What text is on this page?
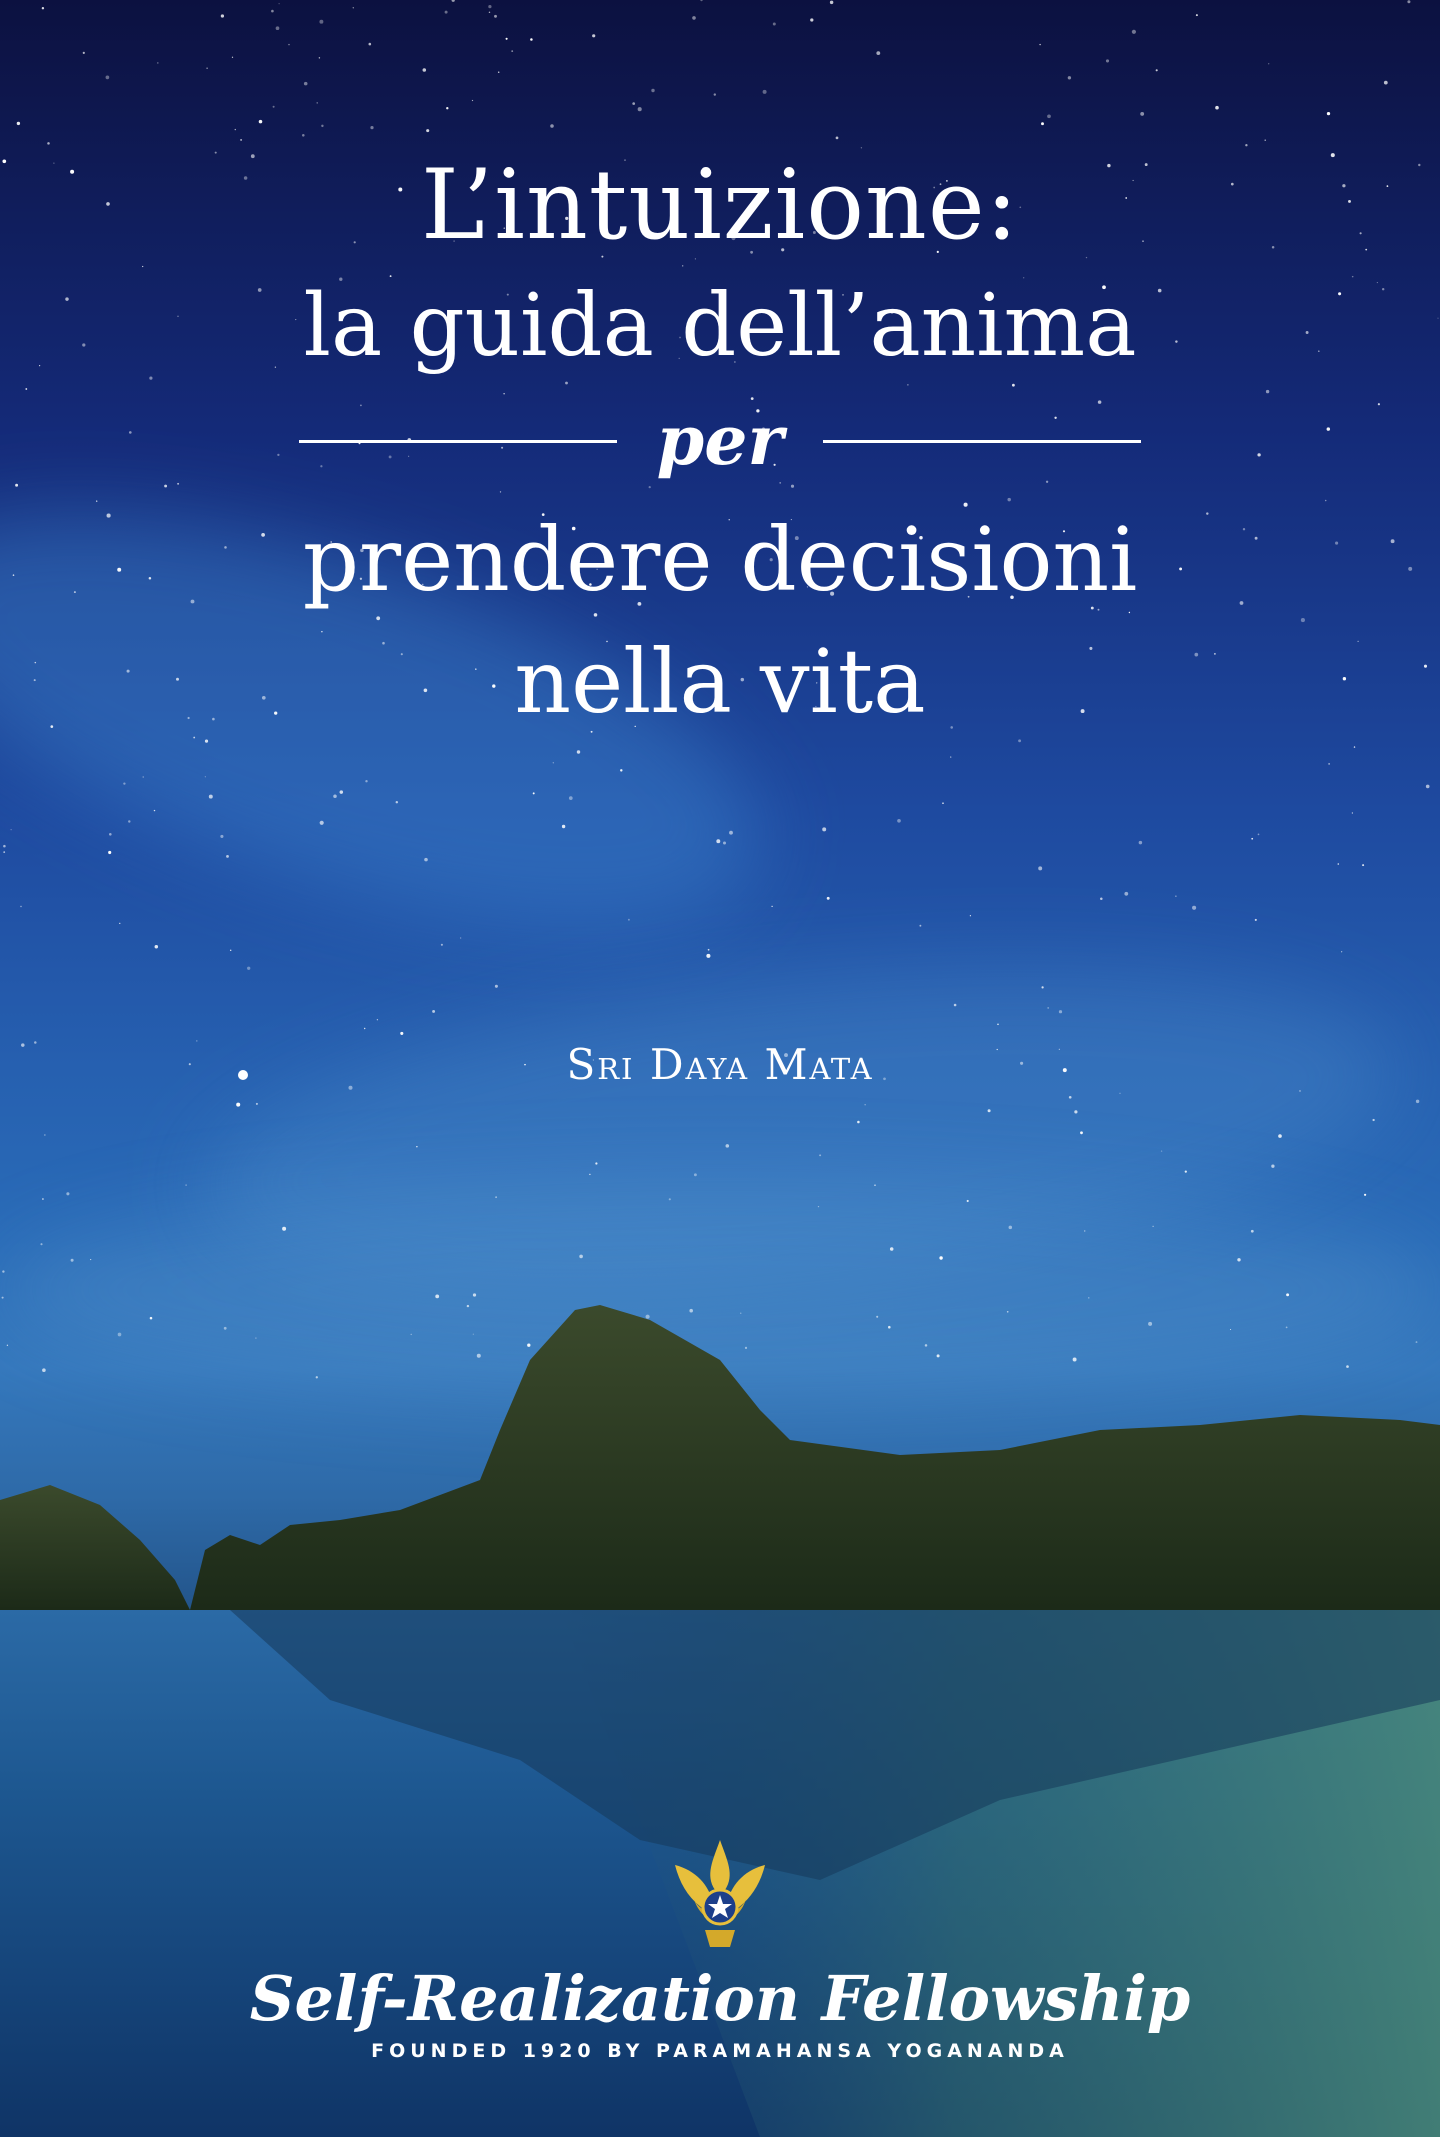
L’intuizione:
la guida dell’anima
per
prendere decisioni
nella vita
Sri Daya Mata
Self-Realization Fellowship
FOUNDED 1920 BY PARAMAHANSA YOGANANDA
